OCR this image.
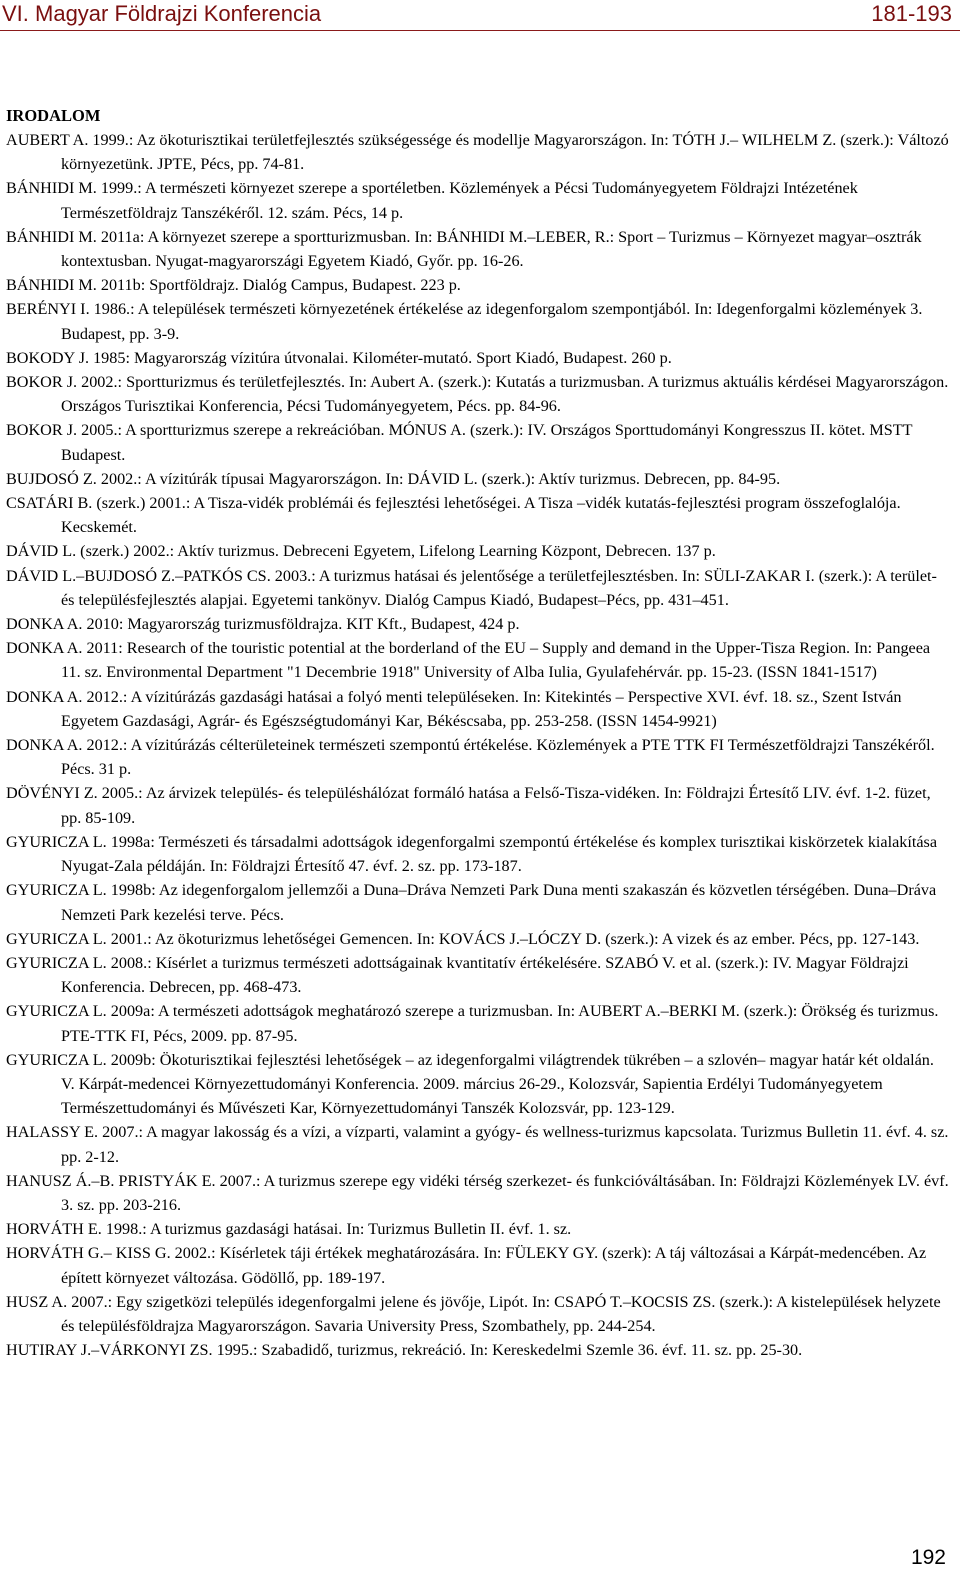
VI. Magyar Földrajzi Konferencia	181-193

IRODALOM

AUBERT A. 1999.: Az ökoturisztikai területfejlesztés szükségessége és modellje Magyarországon. In: TÓTH J.– WILHELM Z. (szerk.): Változó környezetünk. JPTE, Pécs, pp. 74-81.

BÁNHIDI M. 1999.: A természeti környezet szerepe a sportéletben. Közlemények a Pécsi Tudományegyetem Földrajzi Intézetének Természetföldrajz Tanszékéről. 12. szám. Pécs, 14 p.

BÁNHIDI M. 2011a: A környezet szerepe a sportturizmusban. In: BÁNHIDI M.–LEBER, R.: Sport – Turizmus – Környezet magyar–osztrák kontextusban. Nyugat-magyarországi Egyetem Kiadó, Győr. pp. 16-26.

BÁNHIDI M. 2011b: Sportföldrajz. Dialóg Campus, Budapest. 223 p.

BERÉNYI I. 1986.: A települések természeti környezetének értékelése az idegenforgalom szempontjából. In: Idegenforgalmi közlemények 3. Budapest, pp. 3-9.

BOKODY J. 1985: Magyarország vízitúra útvonalai. Kilométer-mutató. Sport Kiadó, Budapest. 260 p.

BOKOR J. 2002.: Sportturizmus és területfejlesztés. In: Aubert A. (szerk.): Kutatás a turizmusban. A turizmus aktuális kérdései Magyarországon. Országos Turisztikai Konferencia, Pécsi Tudományegyetem, Pécs. pp. 84-96.

BOKOR J. 2005.: A sportturizmus szerepe a rekreációban. MÓNUS A. (szerk.): IV. Országos Sporttudományi Kongresszus II. kötet. MSTT Budapest.

BUJDOSÓ Z. 2002.: A vízitúrák típusai Magyarországon. In: DÁVID L. (szerk.): Aktív turizmus. Debrecen, pp. 84-95.

CSATÁRI B. (szerk.) 2001.: A Tisza-vidék problémái és fejlesztési lehetőségei. A Tisza –vidék kutatás-fejlesztési program összefoglalója. Kecskemét.

DÁVID L. (szerk.) 2002.: Aktív turizmus. Debreceni Egyetem, Lifelong Learning Központ, Debrecen. 137 p.

DÁVID L.–BUJDOSÓ Z.–PATKÓS CS. 2003.: A turizmus hatásai és jelentősége a területfejlesztésben. In: SÜLI-ZAKAR I. (szerk.): A terület- és településfejlesztés alapjai. Egyetemi tankönyv. Dialóg Campus Kiadó, Budapest–Pécs, pp. 431–451.

DONKA A. 2010: Magyarország turizmusföldrajza. KIT Kft., Budapest, 424 p.

DONKA A. 2011: Research of the touristic potential at the borderland of the EU – Supply and demand in the Upper-Tisza Region. In: Pangeea 11. sz. Environmental Department "1 Decembrie 1918" University of Alba Iulia, Gyulafehérvár. pp. 15-23. (ISSN 1841-1517)

DONKA A. 2012.: A vízitúrázás gazdasági hatásai a folyó menti településeken. In: Kitekintés – Perspective XVI. évf. 18. sz., Szent István Egyetem Gazdasági, Agrár- és Egészségtudományi Kar, Békéscsaba, pp. 253-258. (ISSN 1454-9921)

DONKA A. 2012.: A vízitúrázás célterületeinek természeti szempontú értékelése. Közlemények a PTE TTK FI Természetföldrajzi Tanszékéről. Pécs. 31 p.

DÖVÉNYI Z. 2005.: Az árvizek település- és településhálózat formáló hatása a Felső-Tisza-vidéken. In: Földrajzi Értesítő LIV. évf. 1-2. füzet, pp. 85-109.

GYURICZA L. 1998a: Természeti és társadalmi adottságok idegenforgalmi szempontú értékelése és komplex turisztikai kiskörzetek kialakítása Nyugat-Zala példáján. In: Földrajzi Értesítő 47. évf. 2. sz. pp. 173-187.

GYURICZA L. 1998b: Az idegenforgalom jellemzői a Duna–Dráva Nemzeti Park Duna menti szakaszán és közvetlen térségében. Duna–Dráva Nemzeti Park kezelési terve. Pécs.

GYURICZA L. 2001.: Az ökoturizmus lehetőségei Gemencen. In: KOVÁCS J.–LÓCZY D. (szerk.): A vizek és az ember. Pécs, pp. 127-143.

GYURICZA L. 2008.: Kísérlet a turizmus természeti adottságainak kvantitatív értékelésére. SZABÓ V. et al. (szerk.): IV. Magyar Földrajzi Konferencia. Debrecen, pp. 468-473.

GYURICZA L. 2009a: A természeti adottságok meghatározó szerepe a turizmusban. In: AUBERT A.–BERKI M. (szerk.): Örökség és turizmus. PTE-TTK FI, Pécs, 2009. pp. 87-95.

GYURICZA L. 2009b: Ökoturisztikai fejlesztési lehetőségek – az idegenforgalmi világtrendek tükrében – a szlovén– magyar határ két oldalán. V. Kárpát-medencei Környezettudományi Konferencia. 2009. március 26-29., Kolozsvár, Sapientia Erdélyi Tudományegyetem Természettudományi és Művészeti Kar, Környezettudományi Tanszék Kolozsvár, pp. 123-129.

HALASSY E. 2007.: A magyar lakosság és a vízi, a vízparti, valamint a gyógy- és wellness-turizmus kapcsolata. Turizmus Bulletin 11. évf. 4. sz. pp. 2-12.

HANUSZ Á.–B. PRISTYÁK E. 2007.: A turizmus szerepe egy vidéki térség szerkezet- és funkcióváltásában. In: Földrajzi Közlemények LV. évf. 3. sz. pp. 203-216.

HORVÁTH E. 1998.: A turizmus gazdasági hatásai. In: Turizmus Bulletin II. évf. 1. sz.

HORVÁTH G.– KISS G. 2002.: Kísérletek táji értékek meghatározására. In: FÜLEKY GY. (szerk): A táj változásai a Kárpát-medencében. Az épített környezet változása. Gödöllő, pp. 189-197.

HUSZ A. 2007.: Egy szigetközi település idegenforgalmi jelene és jövője, Lipót. In: CSAPÓ T.–KOCSIS ZS. (szerk.): A kistelepülések helyzete és településföldrajza Magyarországon. Savaria University Press, Szombathely, pp. 244-254.

HUTIRAY J.–VÁRKONYI ZS. 1995.: Szabadidő, turizmus, rekreáció. In: Kereskedelmi Szemle 36. évf. 11. sz. pp. 25-30.

192
